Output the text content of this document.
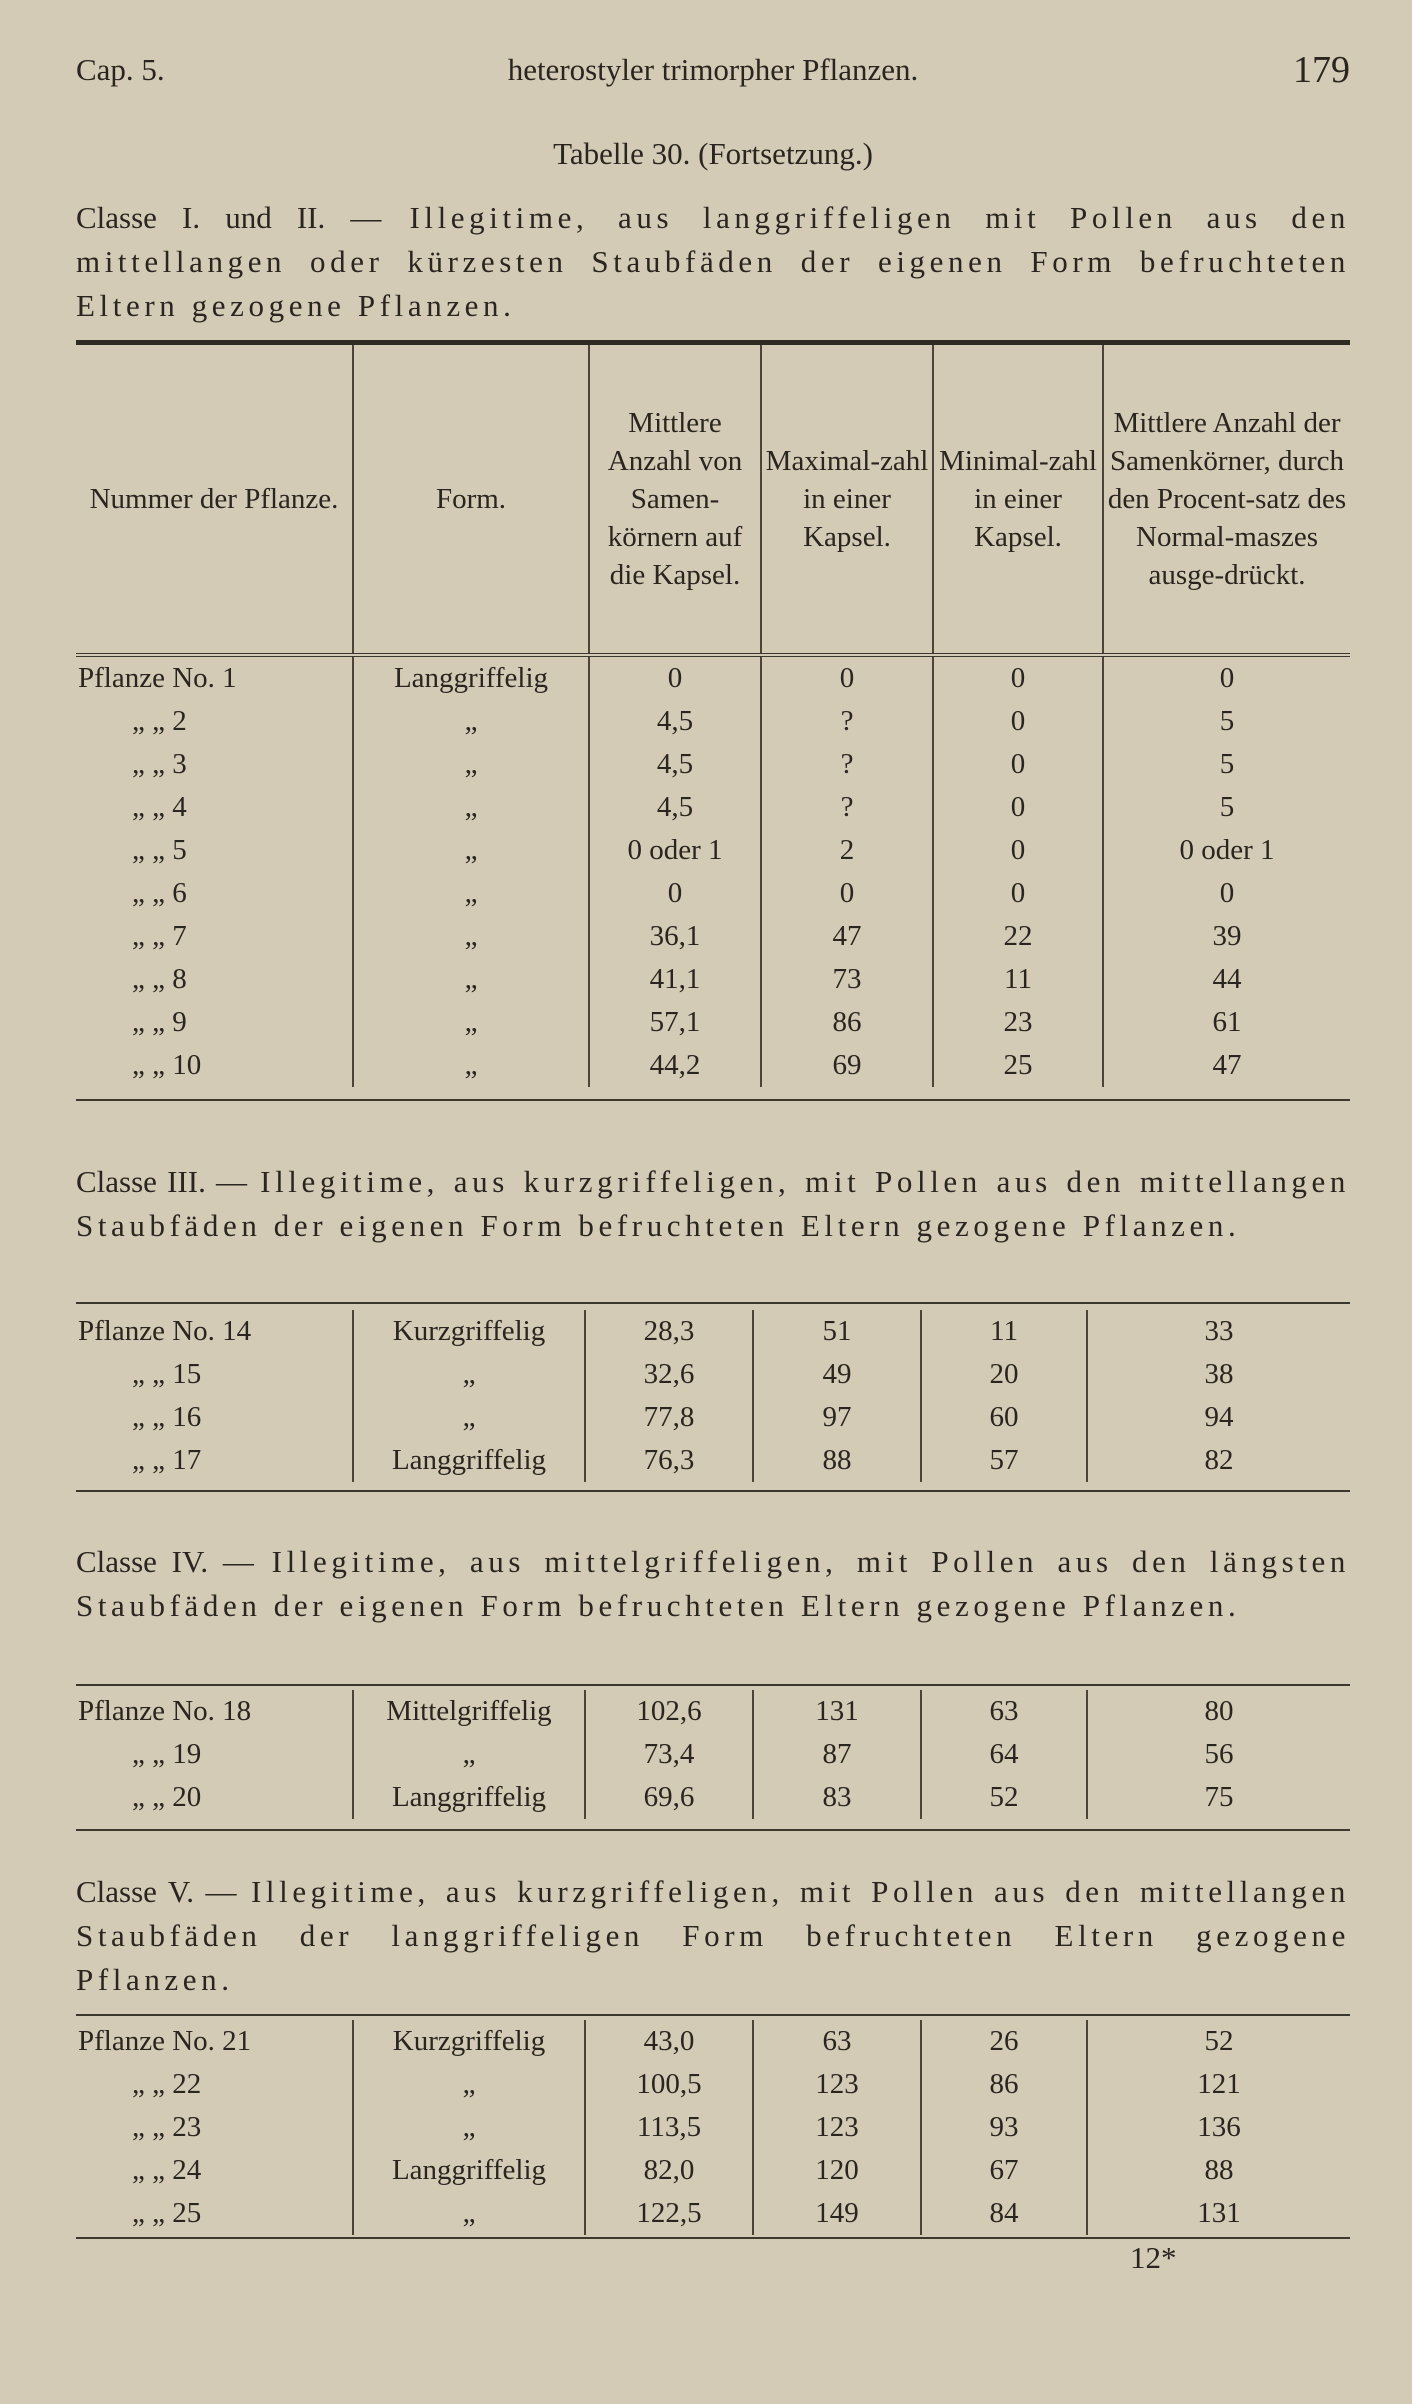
Cap. 5.	heterostyler trimorpher Pflanzen.	179
Tabelle 30. (Fortsetzung.)
Classe I. und II. — Illegitime, aus langgriffeligen mit Pollen aus den mittellangen oder kürzesten Staubfäden der eigenen Form befruchteten Eltern gezogene Pflanzen.
Nummer der Pflanze.	Form.	Mittlere Anzahl von Samen-körnern auf die Kapsel.	Maximal-zahl in einer Kapsel.	Minimal-zahl in einer Kapsel.	Mittlere Anzahl der Samenkörner, durch den Procent-satz des Normal-maszes ausge-drückt.
Pflanze No. 1	Langgriffelig	0	0	0	0
„ „ 2	„	4,5	?	0	5
„ „ 3	„	4,5	?	0	5
„ „ 4	„	4,5	?	0	5
„ „ 5	„	0 oder 1	2	0	0 oder 1
„ „ 6	„	0	0	0	0
„ „ 7	„	36,1	47	22	39
„ „ 8	„	41,1	73	11	44
„ „ 9	„	57,1	86	23	61
„ „ 10	„	44,2	69	25	47

Classe III. — Illegitime, aus kurzgriffeligen, mit Pollen aus den mittellangen Staubfäden der eigenen Form befruchteten Eltern gezogene Pflanzen.

Pflanze No. 14	Kurzgriffelig	28,3	51	11	33
„ „ 15	„	32,6	49	20	38
„ „ 16	„	77,8	97	60	94
„ „ 17	Langgriffelig	76,3	88	57	82

Classe IV. — Illegitime, aus mittelgriffeligen, mit Pollen aus den längsten Staubfäden der eigenen Form befruchteten Eltern gezogene Pflanzen.

Pflanze No. 18	Mittelgriffelig	102,6	131	63	80
„ „ 19	„	73,4	87	64	56
„ „ 20	Langgriffelig	69,6	83	52	75

Classe V. — Illegitime, aus kurzgriffeligen, mit Pollen aus den mittellangen Staubfäden der langgriffeligen Form befruchteten Eltern gezogene Pflanzen.

Pflanze No. 21	Kurzgriffelig	43,0	63	26	52
„ „ 22	„	100,5	123	86	121
„ „ 23	„	113,5	123	93	136
„ „ 24	Langgriffelig	82,0	120	67	88
„ „ 25	„	122,5	149	84	131

12*
